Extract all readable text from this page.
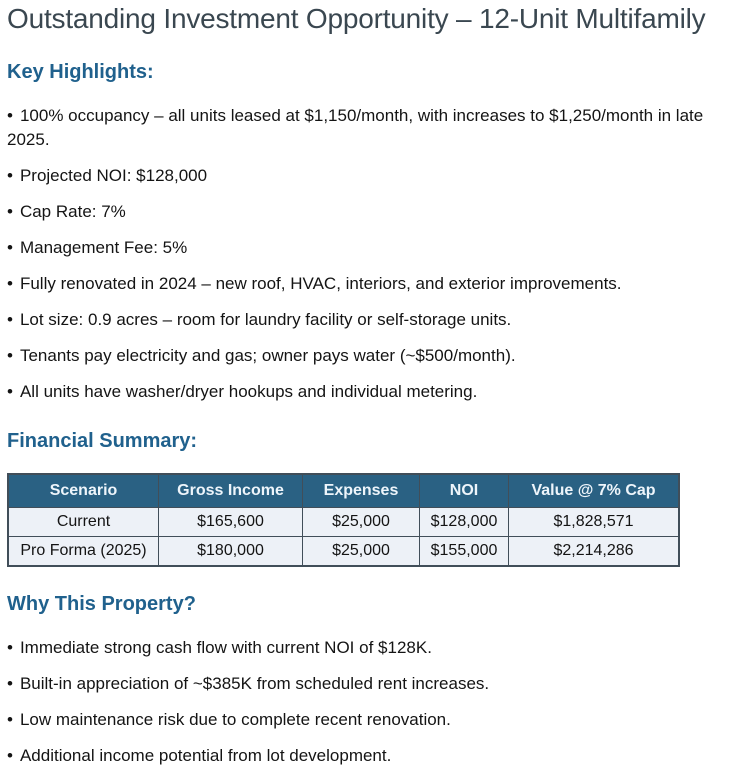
Outstanding Investment Opportunity – 12-Unit Multifamily
Key Highlights:

• 100% occupancy – all units leased at $1,150/month, with increases to $1,250/month in late 2025.

• Projected NOI: $128,000

• Cap Rate: 7%

• Management Fee: 5%

• Fully renovated in 2024 – new roof, HVAC, interiors, and exterior improvements.

• Lot size: 0.9 acres – room for laundry facility or self-storage units.

• Tenants pay electricity and gas; owner pays water (~$500/month).

• All units have washer/dryer hookups and individual metering.

Financial Summary:
Scenario	Gross Income	Expenses	NOI	Value @ 7% Cap
Current	$165,600	$25,000	$128,000	$1,828,571
Pro Forma (2025)	$180,000	$25,000	$155,000	$2,214,286
Why This Property?

• Immediate strong cash flow with current NOI of $128K.

• Built-in appreciation of ~$385K from scheduled rent increases.

• Low maintenance risk due to complete recent renovation.

• Additional income potential from lot development.
